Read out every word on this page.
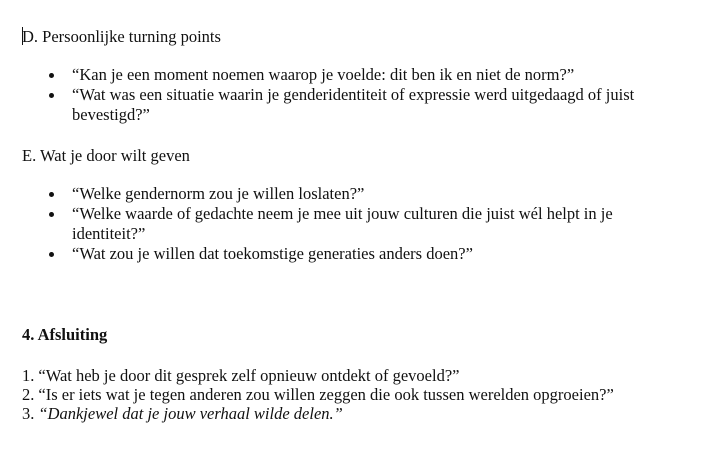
D. Persoonlijke turning points

“Kan je een moment noemen waarop je voelde: dit ben ik en niet de norm?”
“Wat was een situatie waarin je genderidentiteit of expressie werd uitgedaagd of juist bevestigd?”

E. Wat je door wilt geven

“Welke gendernorm zou je willen loslaten?”
“Welke waarde of gedachte neem je mee uit jouw culturen die juist wél helpt in je identiteit?”
“Wat zou je willen dat toekomstige generaties anders doen?”

4. Afsluiting

1. “Wat heb je door dit gesprek zelf opnieuw ontdekt of gevoeld?”
2. “Is er iets wat je tegen anderen zou willen zeggen die ook tussen werelden opgroeien?”
3. “Dankjewel dat je jouw verhaal wilde delen.”
